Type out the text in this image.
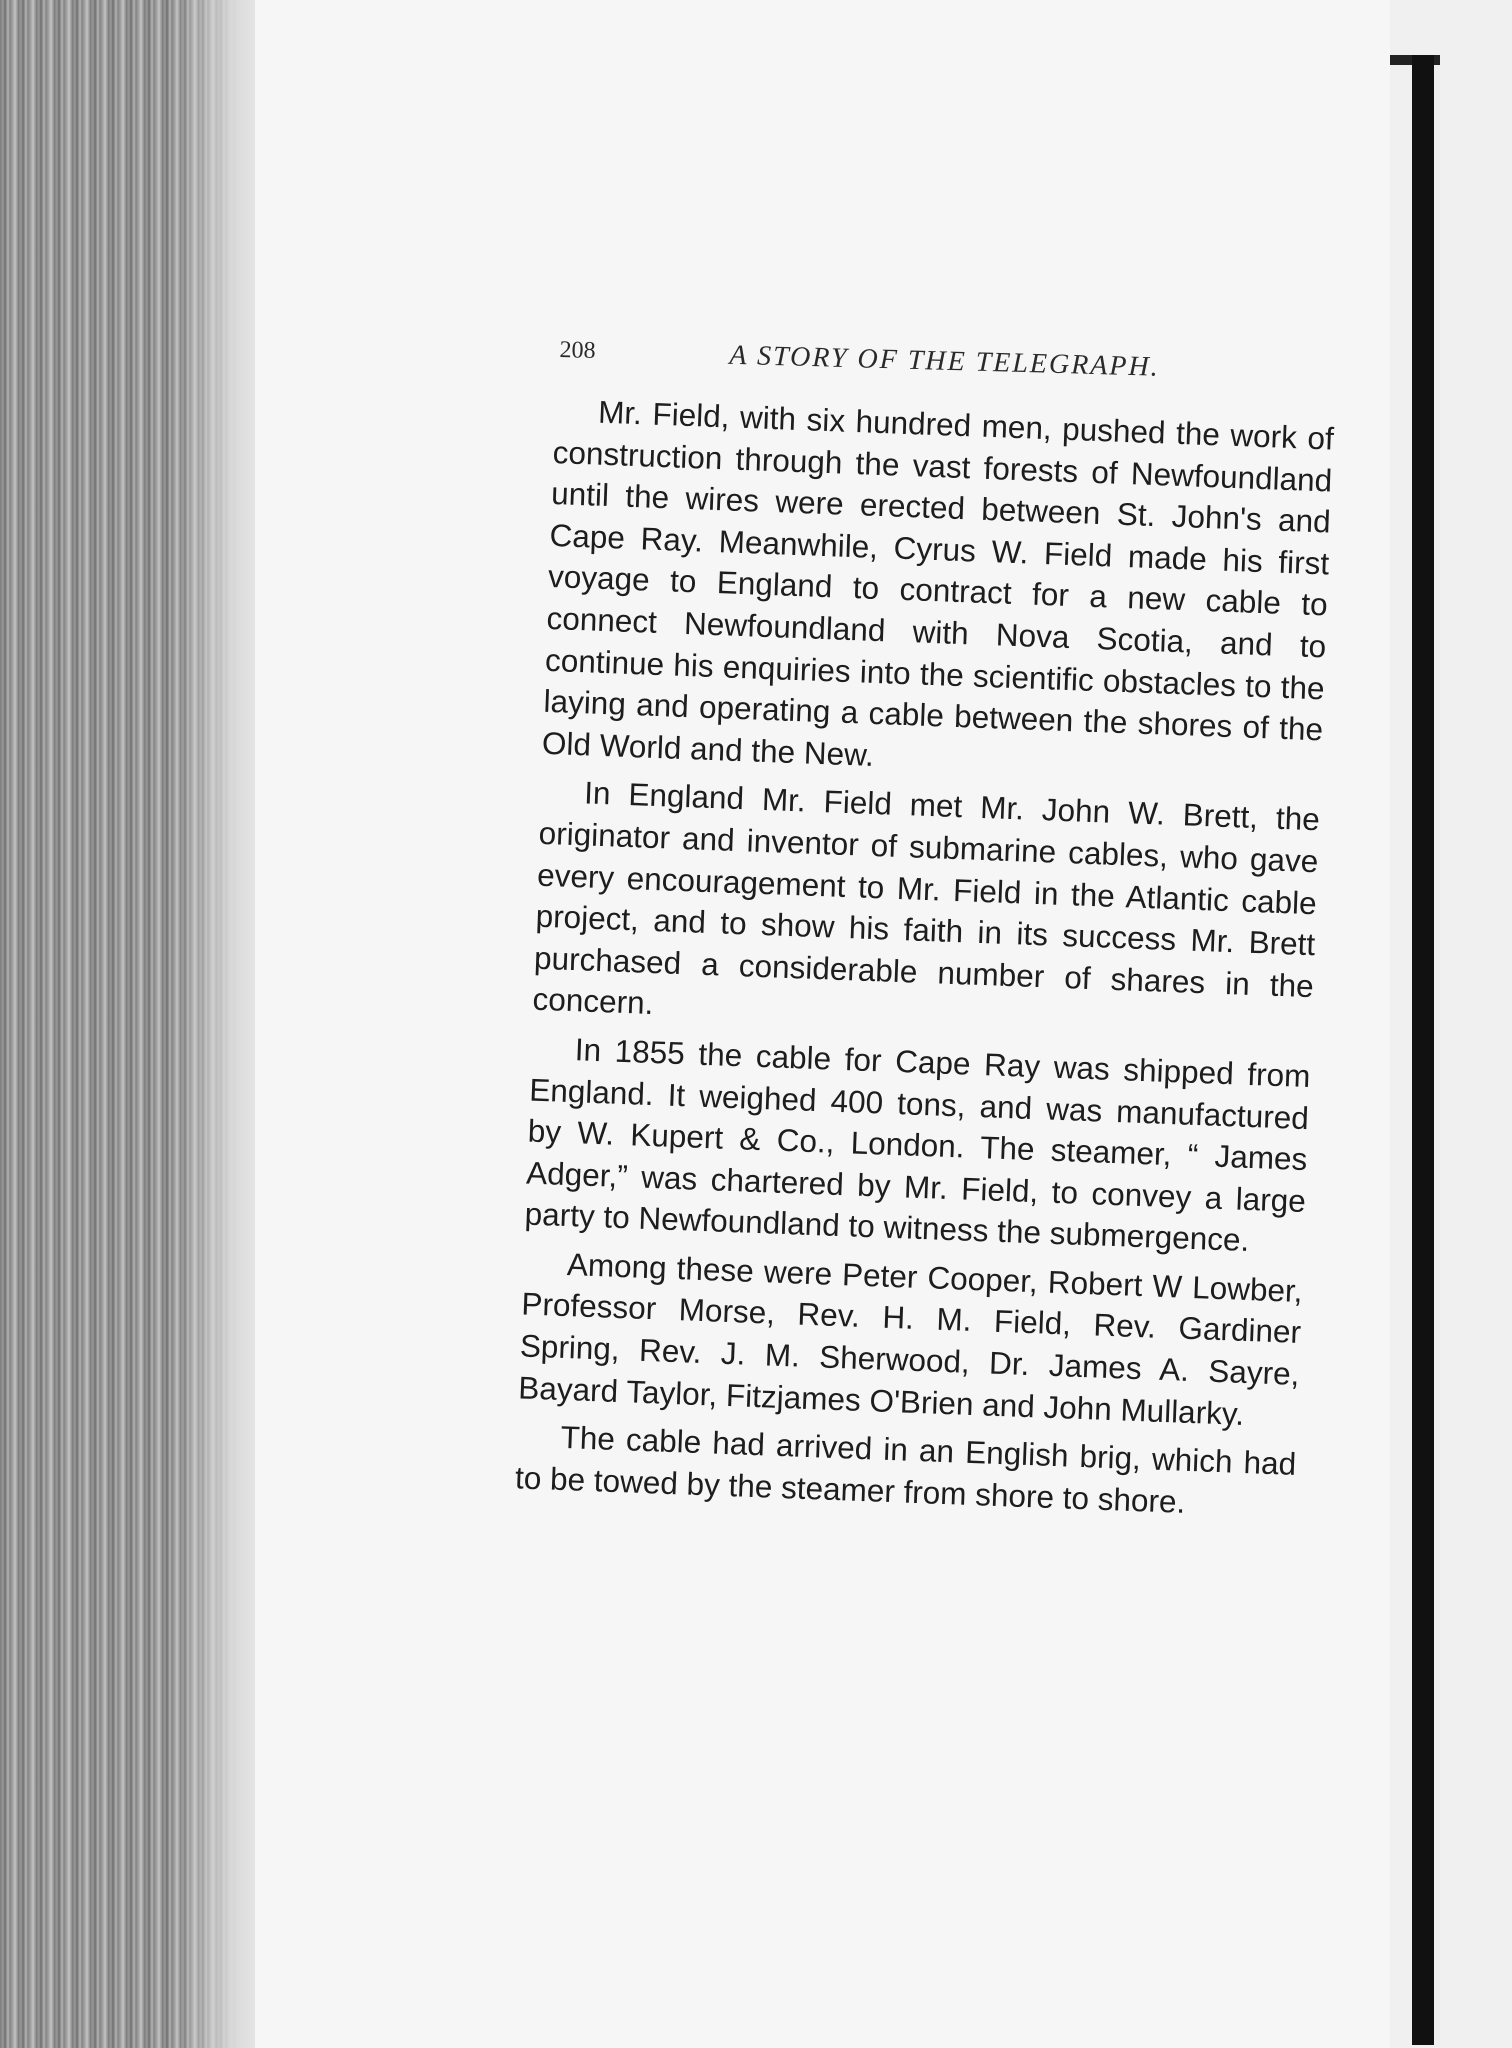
208	A STORY OF THE TELEGRAPH.

Mr. Field, with six hundred men, pushed the work of construction through the vast forests of Newfoundland until the wires were erected between St. John's and Cape Ray. Meanwhile, Cyrus W. Field made his first voyage to England to contract for a new cable to connect Newfoundland with Nova Scotia, and to continue his enquiries into the scientific obstacles to the laying and operating a cable between the shores of the Old World and the New.

In England Mr. Field met Mr. John W. Brett, the originator and inventor of submarine cables, who gave every encouragement to Mr. Field in the Atlantic cable project, and to show his faith in its success Mr. Brett purchased a considerable number of shares in the concern.

In 1855 the cable for Cape Ray was shipped from England. It weighed 400 tons, and was manufactured by W. Kupert & Co., London. The steamer, “ James Adger,” was chartered by Mr. Field, to convey a large party to Newfoundland to witness the submergence.

Among these were Peter Cooper, Robert W Lowber, Professor Morse, Rev. H. M. Field, Rev. Gardiner Spring, Rev. J. M. Sherwood, Dr. James A. Sayre, Bayard Taylor, Fitzjames O'Brien and John Mullarky.

The cable had arrived in an English brig, which had to be towed by the steamer from shore to shore.
